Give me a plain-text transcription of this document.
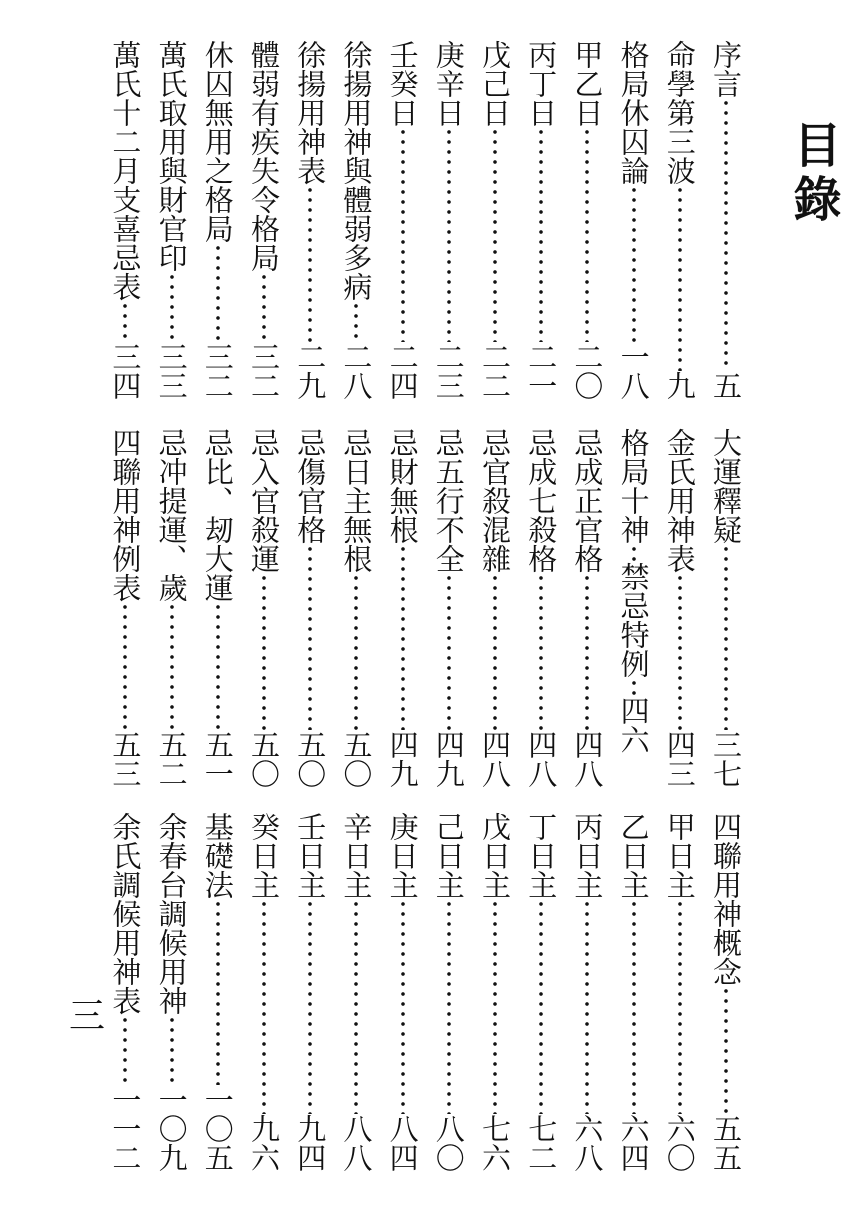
目錄
序言
五
命學第三波
九
格局休囚論
一八
甲乙日
二〇
丙丁日
二一
戊己日
二二
庚辛日
二三
壬癸日
二四
徐揚用神與體弱多病
二八
徐揚用神表
二九
體弱有疾失令格局
三二
休囚無用之格局
三二
萬氏取用與財官印
三三
萬氏十二月支喜忌表
三四
大運釋疑
三七
金氏用神表
四三
格局十神
禁忌特例
四六
忌成正官格
四八
忌成七殺格
四八
忌官殺混雜
四八
忌五行不全
四九
忌財無根
四九
忌日主無根
五〇
忌傷官格
五〇
忌入官殺運
五〇
忌比、刼大運
五一
忌冲提運、歲
五二
四聯用神例表
五三
四聯用神概念
五五
甲日主
六〇
乙日主
六四
丙日主
六八
丁日主
七二
戊日主
七六
己日主
八〇
庚日主
八四
辛日主
八八
壬日主
九四
癸日主
九六
基礎法
一〇五
余春台調候用神
一〇九
余氏調候用神表
一一二
三
